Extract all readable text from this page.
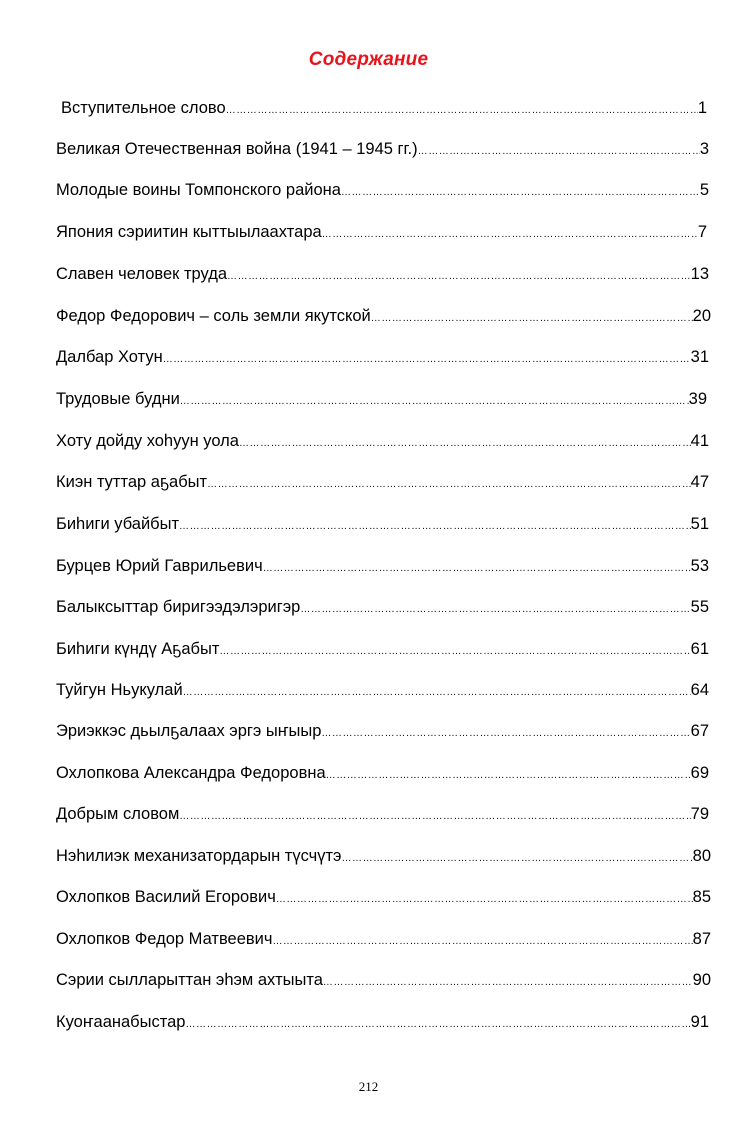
Содержание
Вступительное слово ………………………………………………………………………………………………………………………………………………………………………………………………………………………………………………………	1
Великая Отечественная война (1941 – 1945 гг.) ………………………………………………………………………………………………………………………………………………………………………………………………………………………………………………………	3
Молодые воины Томпонского района ………………………………………………………………………………………………………………………………………………………………………………………………………………………………………………………	5
Япония сэриитин кыттыылаахтара ………………………………………………………………………………………………………………………………………………………………………………………………………………………………………………………	7
Славен человек труда ………………………………………………………………………………………………………………………………………………………………………………………………………………………………………………………	13
Федор Федорович – соль земли якутской ………………………………………………………………………………………………………………………………………………………………………………………………………………………………………………………	20
Далбар Хотун ………………………………………………………………………………………………………………………………………………………………………………………………………………………………………………………	31
Трудовые будни ………………………………………………………………………………………………………………………………………………………………………………………………………………………………………………………	39
Хоту дойду хоһуун уола ………………………………………………………………………………………………………………………………………………………………………………………………………………………………………………………	41
Киэн туттар аҕабыт ………………………………………………………………………………………………………………………………………………………………………………………………………………………………………………………	47
Биһиги убайбыт ………………………………………………………………………………………………………………………………………………………………………………………………………………………………………………………	51
Бурцев Юрий Гаврильевич ………………………………………………………………………………………………………………………………………………………………………………………………………………………………………………………	53
Балыксыттар биригээдэлэригэр ………………………………………………………………………………………………………………………………………………………………………………………………………………………………………………………	55
Биһиги күндү Аҕабыт ………………………………………………………………………………………………………………………………………………………………………………………………………………………………………………………	61
Туйгун Ньукулай ………………………………………………………………………………………………………………………………………………………………………………………………………………………………………………………	64
Эриэккэс дьылҕалаах эргэ ыҥыыр ………………………………………………………………………………………………………………………………………………………………………………………………………………………………………………………	67
Охлопкова Александра Федоровна ………………………………………………………………………………………………………………………………………………………………………………………………………………………………………………………	69
Добрым словом ………………………………………………………………………………………………………………………………………………………………………………………………………………………………………………………	79
Нэһилиэк механизатордарын түсчүтэ ………………………………………………………………………………………………………………………………………………………………………………………………………………………………………………………	80
Охлопков Василий Егорович ………………………………………………………………………………………………………………………………………………………………………………………………………………………………………………………	85
Охлопков Федор Матвеевич ………………………………………………………………………………………………………………………………………………………………………………………………………………………………………………………	87
Сэрии сылларыттан эһэм ахтыыта ………………………………………………………………………………………………………………………………………………………………………………………………………………………………………………………	90
Куоҥаанабыстар ………………………………………………………………………………………………………………………………………………………………………………………………………………………………………………………	91
212
